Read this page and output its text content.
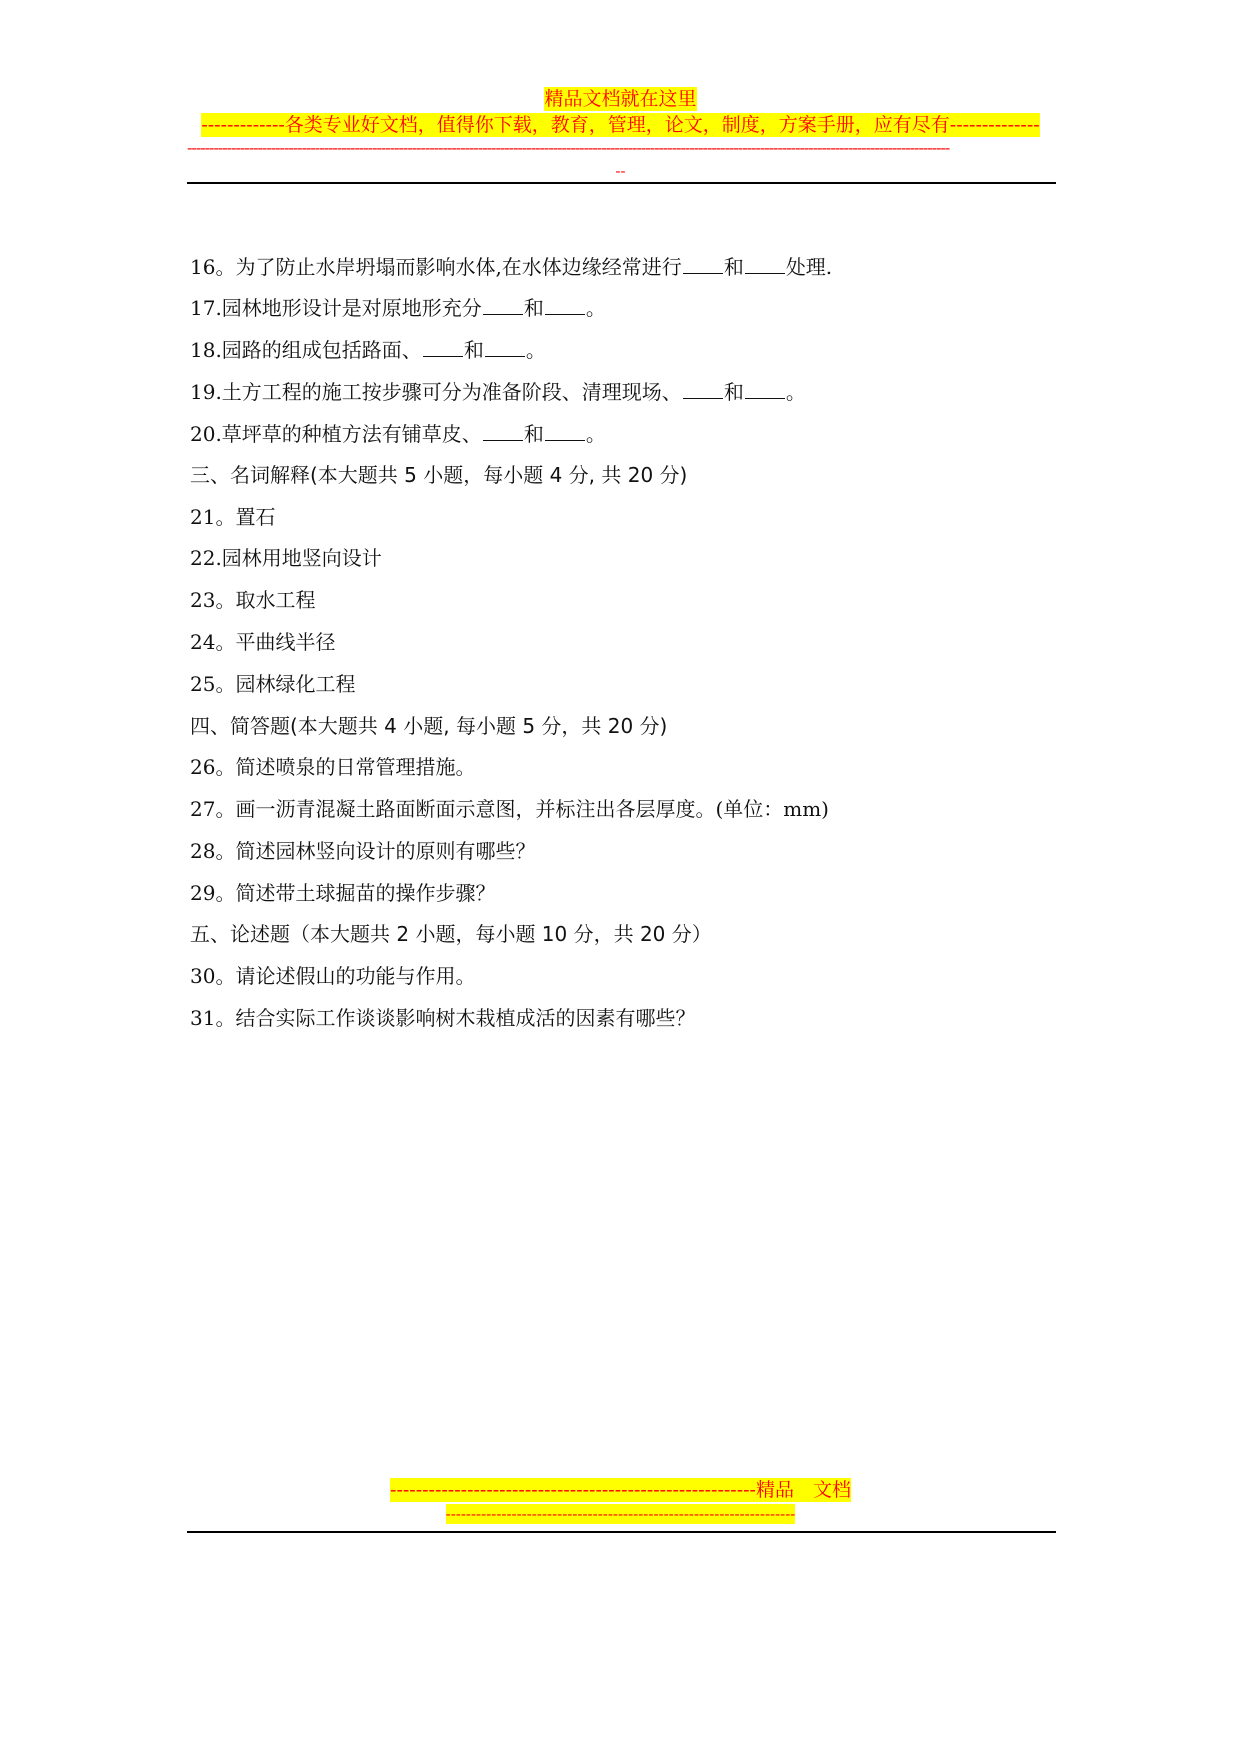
精品文档就在这里
-------------各类专业好文档，值得你下载，教育，管理，论文，制度，方案手册，应有尽有--------------
-----------------------------------------------------------------------------------------------------------------------------------------------------------------------------
--
16。为了防止水岸坍塌而影响水体,在水体边缘经常进行 和 处理.
17.园林地形设计是对原地形充分 和 。
18.园路的组成包括路面、 和 。
19.土方工程的施工按步骤可分为准备阶段、清理现场、 和 。
20.草坪草的种植方法有铺草皮、 和 。
三、名词解释(本大题共 5 小题，每小题 4 分, 共 20 分)
21。置石
22.园林用地竖向设计
23。取水工程
24。平曲线半径
25。园林绿化工程
四、简答题(本大题共 4 小题, 每小题 5 分，共 20 分)
26。简述喷泉的日常管理措施。
27。画一沥青混凝土路面断面示意图，并标注出各层厚度。(单位：mm)
28。简述园林竖向设计的原则有哪些？
29。简述带土球掘苗的操作步骤？
五、论述题（本大题共 2 小题，每小题 10 分，共 20 分）
30。请论述假山的功能与作用。
31。结合实际工作谈谈影响树木栽植成活的因素有哪些？
---------------------------------------------------------精品　文档
---------------------------------------------------------------------
